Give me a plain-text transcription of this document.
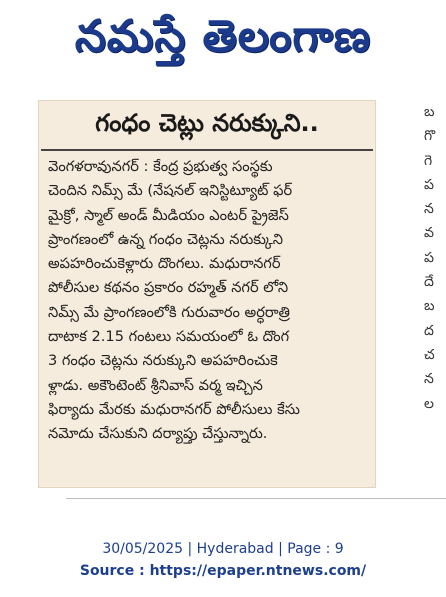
నమస్తే తెలంగాణ
గంధం చెట్లు నరుక్కుని..
వెంగళరావునగర్ : కేంద్ర ప్రభుత్వ సంస్థకు
చెందిన నిమ్స్ మే (నేషనల్ ఇనిస్టిట్యూట్ ఫర్
మైక్రో, స్మాల్ అండ్ మీడియం ఎంటర్ ప్రైజెస్
ప్రాంగణంలో ఉన్న గంధం చెట్లను నరుక్కుని
అపహరించుకెళ్లారు దొంగలు. మధురానగర్
పోలీసుల కథనం ప్రకారం రహ్మత్ నగర్ లోని
నిమ్స్ మే ప్రాంగణంలోకి గురువారం అర్ధరాత్రి
దాటాక 2.15 గంటలు సమయంలో ఓ దొంగ
3 గంధం చెట్లను నరుక్కుని అపహరించుకె
ళ్లాడు. అకౌంటెంట్ శ్రీనివాస్ వర్మ ఇచ్చిన
ఫిర్యాదు మేరకు మధురానగర్ పోలీసులు కేసు
నమోదు చేసుకుని దర్యాప్తు చేస్తున్నారు.
బ
గొ
గె
ప
న
వ
ప
దే
బ
ద
చ
న
ల
30/05/2025 | Hyderabad | Page : 9
Source : https://epaper.ntnews.com/
